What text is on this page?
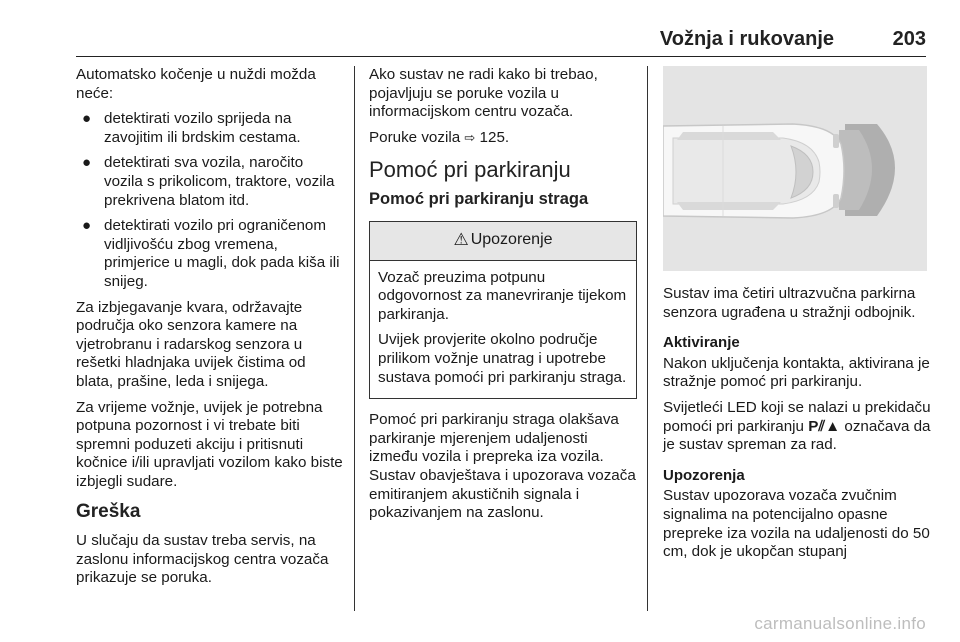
Vožnja i rukovanje	203

Automatsko kočenje u nuždi možda neće:

● detektirati vozilo sprijeda na zavojitim ili brdskim cestama.
● detektirati sva vozila, naročito vozila s prikolicom, traktore, vozila prekrivena blatom itd.
● detektirati vozilo pri ograničenom vidljivošću zbog vremena, primjerice u magli, dok pada kiša ili snijeg.

Za izbjegavanje kvara, održavajte područja oko senzora kamere na vjetrobranu i radarskog senzora u rešetki hladnjaka uvijek čistima od blata, prašine, leda i snijega.

Za vrijeme vožnje, uvijek je potrebna potpuna pozornost i vi trebate biti spremni poduzeti akciju i pritisnuti kočnice i/ili upravljati vozilom kako biste izbjegli sudare.

Greška

U slučaju da sustav treba servis, na zaslonu informacijskog centra vozača prikazuje se poruka.

Ako sustav ne radi kako bi trebao, pojavljuju se poruke vozila u informacijskom centru vozača.

Poruke vozila ⇨ 125.

Pomoć pri parkiranju
Pomoć pri parkiranju straga
⚠ Upozorenje

Vozač preuzima potpunu odgovornost za manevriranje tijekom parkiranja.

Uvijek provjerite okolno područje prilikom vožnje unatrag i upotrebe sustava pomoći pri parkiranju straga.

Pomoć pri parkiranju straga olakšava parkiranje mjerenjem udaljenosti između vozila i prepreka iza vozila. Sustav obavještava i upozorava vozača emitiranjem akustičnih signala i pokazivanjem na zaslonu.

Sustav ima četiri ultrazvučna parkirna senzora ugrađena u stražnji odbojnik.

Aktiviranje

Nakon uključenja kontakta, aktivirana je stražnje pomoć pri parkiranju.

Svijetleći LED koji se nalazi u prekidaču pomoći pri parkiranju P⫽▲ označava da je sustav spreman za rad.

Upozorenja

Sustav upozorava vozača zvučnim signalima na potencijalno opasne prepreke iza vozila na udaljenosti do 50 cm, dok je ukopčan stupanj

carmanualsonline.info
